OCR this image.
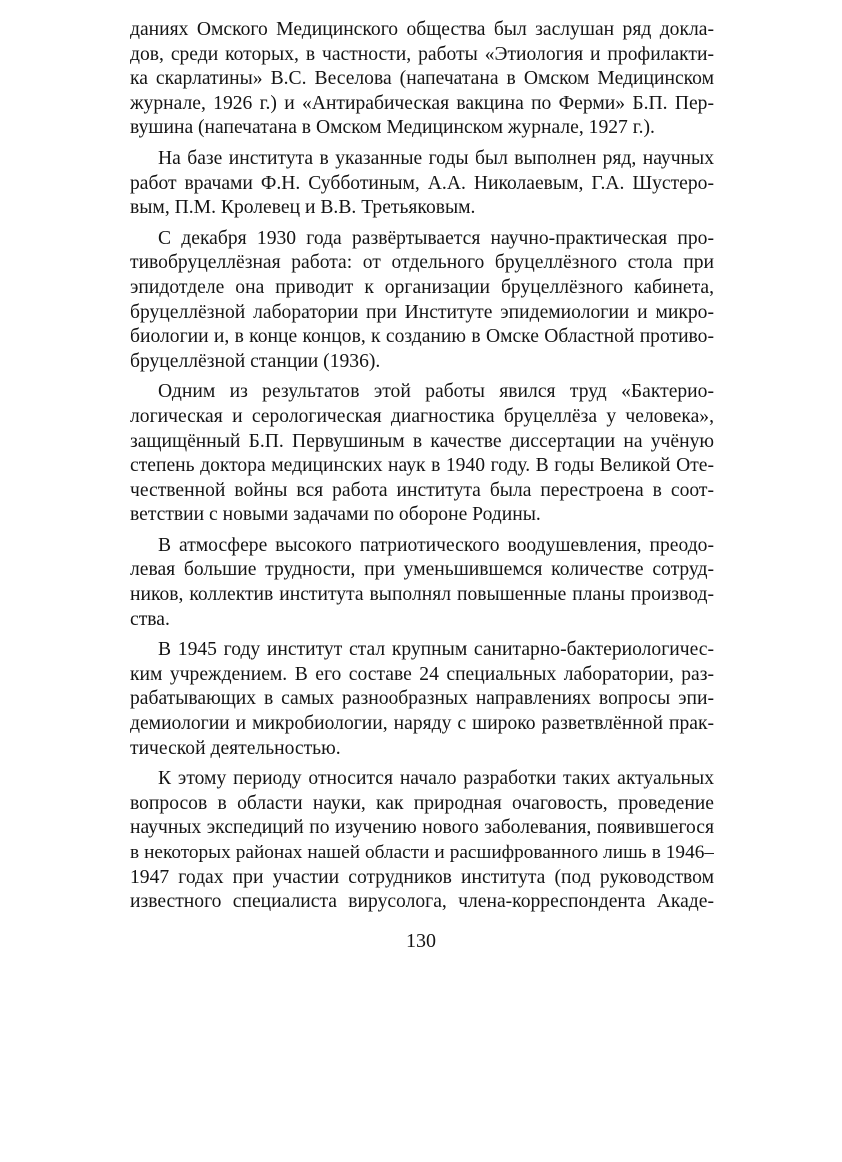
даниях Омского Медицинского общества был заслушан ряд докла-
дов, среди которых, в частности, работы «Этиология и профилакти-
ка скарлатины» В.С. Веселова (напечатана в Омском Медицинском
журнале, 1926 г.) и «Антирабическая вакцина по Ферми» Б.П. Пер-
вушина (напечатана в Омском Медицинском журнале, 1927 г.).
На базе института в указанные годы был выполнен ряд, научных
работ врачами Ф.Н. Субботиным, А.А. Николаевым, Г.А. Шустеро-
вым, П.М. Кролевец и В.В. Третьяковым.
С декабря 1930 года развёртывается научно-практическая про-
тивобруцеллёзная работа: от отдельного бруцеллёзного стола при
эпидотделе она приводит к организации бруцеллёзного кабинета,
бруцеллёзной лаборатории при Институте эпидемиологии и микро-
биологии и, в конце концов, к созданию в Омске Областной противо-
бруцеллёзной станции (1936).
Одним из результатов этой работы явился труд «Бактерио-
логическая и серологическая диагностика бруцеллёза у человека»,
защищённый Б.П. Первушиным в качестве диссертации на учёную
степень доктора медицинских наук в 1940 году. В годы Великой Оте-
чественной войны вся работа института была перестроена в соот-
ветствии с новыми задачами по обороне Родины.
В атмосфере высокого патриотического воодушевления, преодо-
левая большие трудности, при уменьшившемся количестве сотруд-
ников, коллектив института выполнял повышенные планы производ-
ства.
В 1945 году институт стал крупным санитарно-бактериологичес-
ким учреждением. В его составе 24 специальных лаборатории, раз-
рабатывающих в самых разнообразных направлениях вопросы эпи-
демиологии и микробиологии, наряду с широко разветвлённой прак-
тической деятельностью.
К этому периоду относится начало разработки таких актуальных
вопросов в области науки, как природная очаговость, проведение
научных экспедиций по изучению нового заболевания, появившегося
в некоторых районах нашей области и расшифрованного лишь в 1946–
1947 годах при участии сотрудников института (под руководством
известного специалиста вирусолога, члена-корреспондента Акаде-
130
